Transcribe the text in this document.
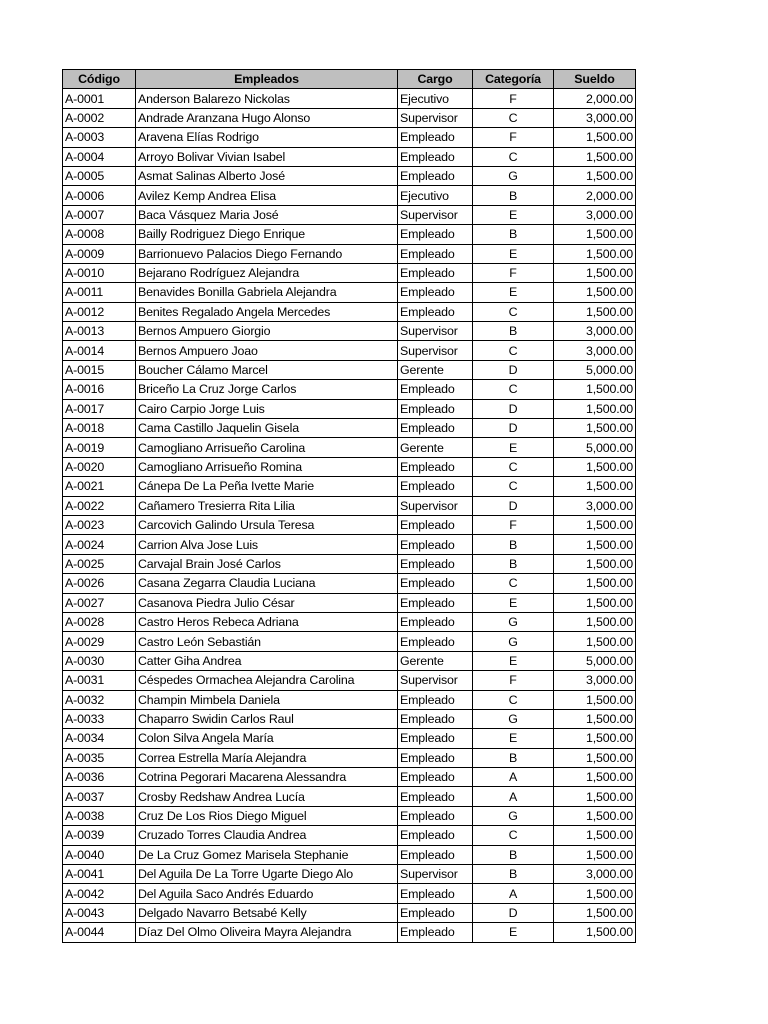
Código	Empleados	Cargo	Categoría	Sueldo
A-0001	Anderson Balarezo Nickolas	Ejecutivo	F	2,000.00
A-0002	Andrade Aranzana Hugo Alonso	Supervisor	C	3,000.00
A-0003	Aravena Elías Rodrigo	Empleado	F	1,500.00
A-0004	Arroyo Bolivar Vivian Isabel	Empleado	C	1,500.00
A-0005	Asmat Salinas Alberto José	Empleado	G	1,500.00
A-0006	Avilez Kemp Andrea Elisa	Ejecutivo	B	2,000.00
A-0007	Baca Vásquez Maria José	Supervisor	E	3,000.00
A-0008	Bailly Rodriguez Diego Enrique	Empleado	B	1,500.00
A-0009	Barrionuevo Palacios Diego Fernando	Empleado	E	1,500.00
A-0010	Bejarano Rodríguez Alejandra	Empleado	F	1,500.00
A-0011	Benavides Bonilla Gabriela Alejandra	Empleado	E	1,500.00
A-0012	Benites Regalado Angela Mercedes	Empleado	C	1,500.00
A-0013	Bernos Ampuero Giorgio	Supervisor	B	3,000.00
A-0014	Bernos Ampuero Joao	Supervisor	C	3,000.00
A-0015	Boucher Cálamo Marcel	Gerente	D	5,000.00
A-0016	Briceño La Cruz Jorge Carlos	Empleado	C	1,500.00
A-0017	Cairo Carpio Jorge Luis	Empleado	D	1,500.00
A-0018	Cama Castillo Jaquelin Gisela	Empleado	D	1,500.00
A-0019	Camogliano Arrisueño Carolina	Gerente	E	5,000.00
A-0020	Camogliano Arrisueño Romina	Empleado	C	1,500.00
A-0021	Cánepa De La Peña Ivette Marie	Empleado	C	1,500.00
A-0022	Cañamero Tresierra Rita Lilia	Supervisor	D	3,000.00
A-0023	Carcovich Galindo Ursula Teresa	Empleado	F	1,500.00
A-0024	Carrion Alva Jose Luis	Empleado	B	1,500.00
A-0025	Carvajal Brain José Carlos	Empleado	B	1,500.00
A-0026	Casana Zegarra Claudia Luciana	Empleado	C	1,500.00
A-0027	Casanova Piedra Julio César	Empleado	E	1,500.00
A-0028	Castro Heros Rebeca Adriana	Empleado	G	1,500.00
A-0029	Castro León Sebastián	Empleado	G	1,500.00
A-0030	Catter Giha Andrea	Gerente	E	5,000.00
A-0031	Céspedes Ormachea Alejandra Carolina	Supervisor	F	3,000.00
A-0032	Champin Mimbela Daniela	Empleado	C	1,500.00
A-0033	Chaparro Swidin Carlos Raul	Empleado	G	1,500.00
A-0034	Colon Silva Angela María	Empleado	E	1,500.00
A-0035	Correa Estrella María Alejandra	Empleado	B	1,500.00
A-0036	Cotrina Pegorari Macarena Alessandra	Empleado	A	1,500.00
A-0037	Crosby Redshaw Andrea Lucía	Empleado	A	1,500.00
A-0038	Cruz De Los Rios Diego Miguel	Empleado	G	1,500.00
A-0039	Cruzado Torres Claudia Andrea	Empleado	C	1,500.00
A-0040	De La Cruz Gomez Marisela Stephanie	Empleado	B	1,500.00
A-0041	Del Aguila De La Torre Ugarte Diego Alo	Supervisor	B	3,000.00
A-0042	Del Aguila Saco Andrés Eduardo	Empleado	A	1,500.00
A-0043	Delgado Navarro Betsabé Kelly	Empleado	D	1,500.00
A-0044	Díaz Del Olmo Oliveira Mayra Alejandra	Empleado	E	1,500.00
